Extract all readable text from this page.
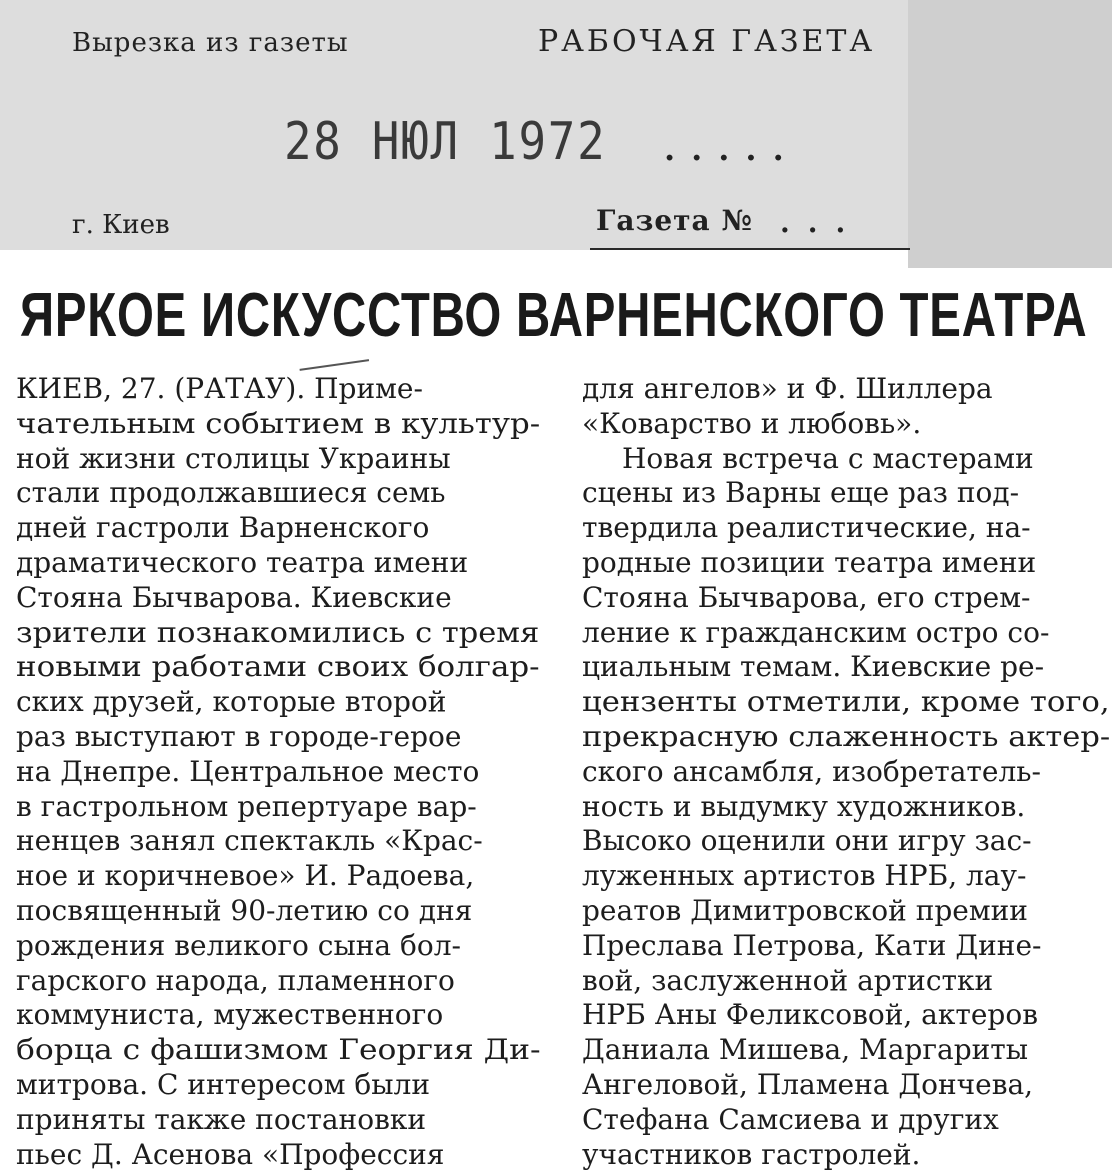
Вырезка из газеты	РАБОЧАЯ ГАЗЕТА
28 НЮЛ 1972 .....
г. Киев	Газета № ...
ЯРКОЕ ИСКУССТВО ВАРНЕНСКОГО ТЕАТРА
КИЕВ, 27. (РАТАУ). Приме-
чательным событием в культур-
ной жизни столицы Украины
стали продолжавшиеся семь
дней гастроли Варненского
драматического театра имени
Стояна Бычварова. Киевские
зрители познакомились с тремя
новыми работами своих болгар-
ских друзей, которые второй
раз выступают в городе-герое
на Днепре. Центральное место
в гастрольном репертуаре вар-
ненцев занял спектакль «Крас-
ное и коричневое» И. Радоева,
посвященный 90-летию со дня
рождения великого сына бол-
гарского народа, пламенного
коммуниста, мужественного
борца с фашизмом Георгия Ди-
митрова. С интересом были
приняты также постановки
пьес Д. Асенова «Профессия
для ангелов» и Ф. Шиллера
«Коварство и любовь».
Новая встреча с мастерами
сцены из Варны еще раз под-
твердила реалистические, на-
родные позиции театра имени
Стояна Бычварова, его стрем-
ление к гражданским остро со-
циальным темам. Киевские ре-
цензенты отметили, кроме того,
прекрасную слаженность актер-
ского ансамбля, изобретатель-
ность и выдумку художников.
Высоко оценили они игру зас-
луженных артистов НРБ, лау-
реатов Димитровской премии
Преслава Петрова, Кати Дине-
вой, заслуженной артистки
НРБ Аны Феликсовой, актеров
Даниала Мишева, Маргариты
Ангеловой, Пламена Дончева,
Стефана Самсиева и других
участников гастролей.
